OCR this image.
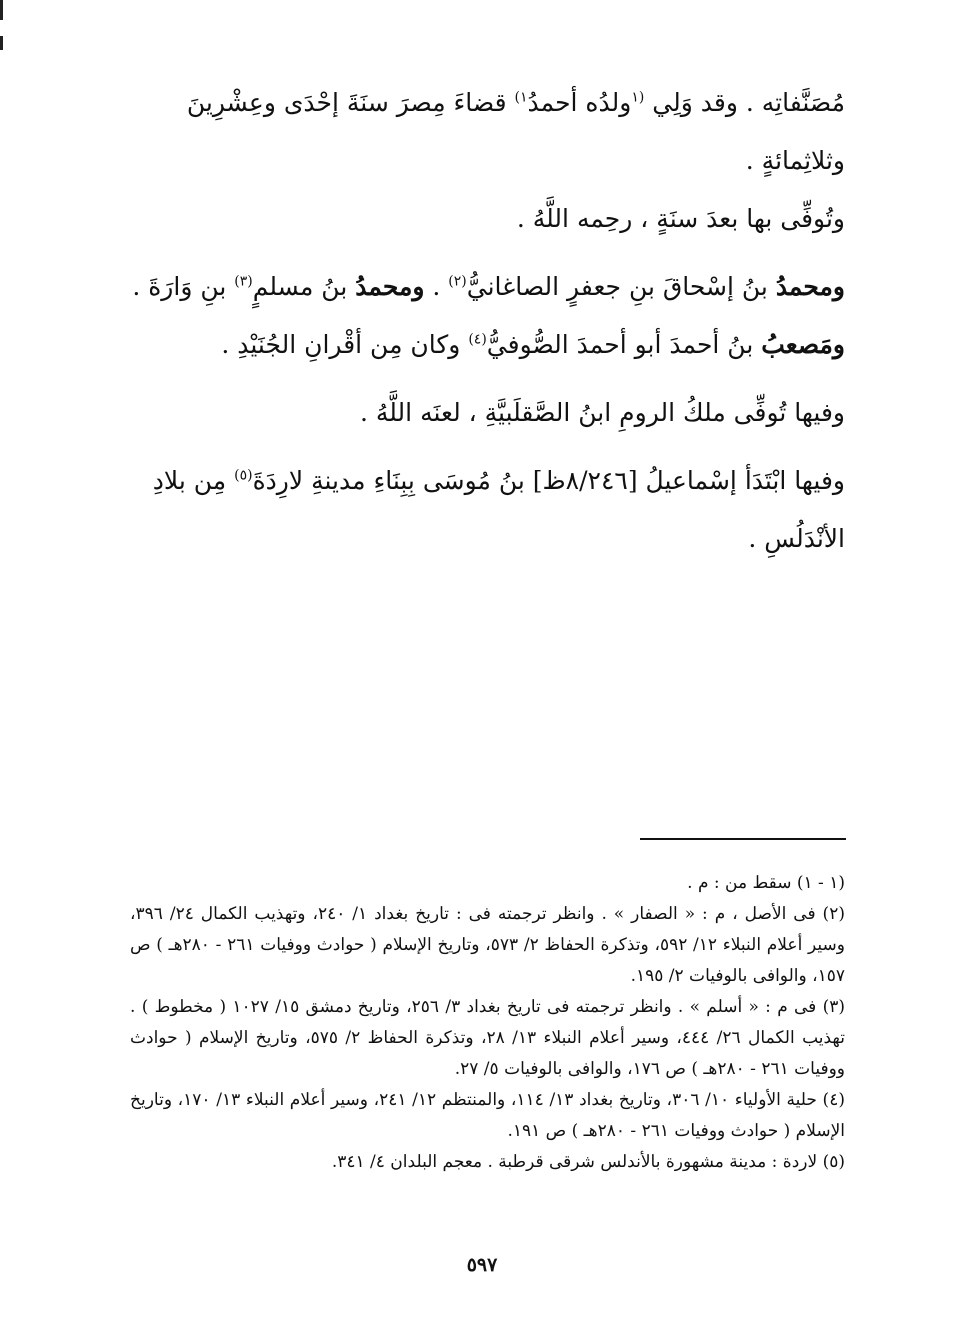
مُصَنَّفاتِه . وقد وَلِي $^{(١}$ولدُه أحمدُ$^{١)}$ قضاءَ مِصرَ سنَةَ إحْدَى وعِشْرِينَ وثلاثِمائةٍ .
وتُوفِّى بها بعدَ سنَةٍ ، رحِمه اللَّهُ .

ومحمدُ بنُ إسْحاقَ بنِ جعفرٍ الصاغانيُّ$^{(٢)}$ . ومحمدُ بنُ مسلمٍ$^{(٣)}$ بنِ وَارَةَ .
ومَصعبُ بنُ أحمدَ أبو أحمدَ الصُّوفيُّ$^{(٤)}$ وكان مِن أقْرانِ الجُنَيْدِ .

وفيها تُوفِّى ملكُ الرومِ ابنُ الصَّقلَبيَّةِ ، لعنَه اللَّهُ .

وفيها ابْتَدَأ إسْماعيلُ [٨/٢٤٦ظ] بنُ مُوسَى بِبِنَاءِ مدينةِ لارِدَةَ$^{(٥)}$ مِن بلادِ الأنْدَلُسِ .

(١ - ١) سقط من : م .

(٢) فى الأصل ، م : « الصفار » . وانظر ترجمته فى : تاريخ بغداد ١/ ٢٤٠، وتهذيب الكمال ٢٤/ ٣٩٦، وسير أعلام النبلاء ١٢/ ٥٩٢، وتذكرة الحفاظ ٢/ ٥٧٣، وتاريخ الإسلام ( حوادث ووفيات ٢٦١ - ٢٨٠هـ ) ص ١٥٧، والوافى بالوفيات ٢/ ١٩٥.

(٣) فى م : « أسلم » . وانظر ترجمته فى تاريخ بغداد ٣/ ٢٥٦، وتاريخ دمشق ١٥/ ١٠٢٧ ( مخطوط ) . تهذيب الكمال ٢٦/ ٤٤٤، وسير أعلام النبلاء ١٣/ ٢٨، وتذكرة الحفاظ ٢/ ٥٧٥، وتاريخ الإسلام ( حوادث ووفيات ٢٦١ - ٢٨٠هـ ) ص ١٧٦، والوافى بالوفيات ٥/ ٢٧.

(٤) حلية الأولياء ١٠/ ٣٠٦، وتاريخ بغداد ١٣/ ١١٤، والمنتظم ١٢/ ٢٤١، وسير أعلام النبلاء ١٣/ ١٧٠، وتاريخ الإسلام ( حوادث ووفيات ٢٦١ - ٢٨٠هـ ) ص ١٩١.

(٥) لاردة : مدينة مشهورة بالأندلس شرقى قرطبة . معجم البلدان ٤/ ٣٤١.

٥٩٧
